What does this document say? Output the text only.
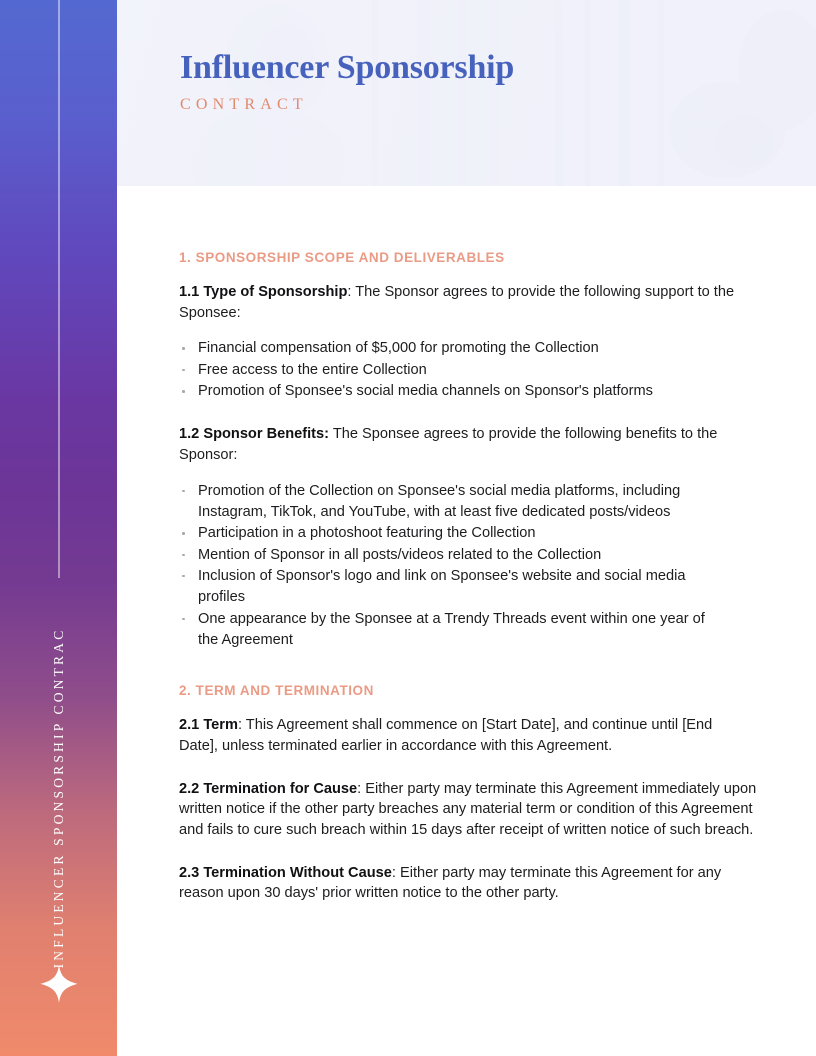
INFLUENCER SPONSORSHIP CONTRAC
Influencer Sponsorship
CONTRACT
1. SPONSORSHIP SCOPE AND DELIVERABLES

1.1 Type of Sponsorship: The Sponsor agrees to provide the following support to the Sponsee:

Financial compensation of $5,000 for promoting the Collection
Free access to the entire Collection
Promotion of Sponsee's social media channels on Sponsor's platforms

1.2 Sponsor Benefits: The Sponsee agrees to provide the following benefits to the Sponsor:

Promotion of the Collection on Sponsee's social media platforms, including Instagram, TikTok, and YouTube, with at least five dedicated posts/videos
Participation in a photoshoot featuring the Collection
Mention of Sponsor in all posts/videos related to the Collection
Inclusion of Sponsor's logo and link on Sponsee's website and social media profiles
One appearance by the Sponsee at a Trendy Threads event within one year of the Agreement
2. TERM AND TERMINATION

2.1 Term: This Agreement shall commence on [Start Date], and continue until [End Date], unless terminated earlier in accordance with this Agreement.

2.2 Termination for Cause: Either party may terminate this Agreement immediately upon written notice if the other party breaches any material term or condition of this Agreement and fails to cure such breach within 15 days after receipt of written notice of such breach.

2.3 Termination Without Cause: Either party may terminate this Agreement for any reason upon 30 days' prior written notice to the other party.
